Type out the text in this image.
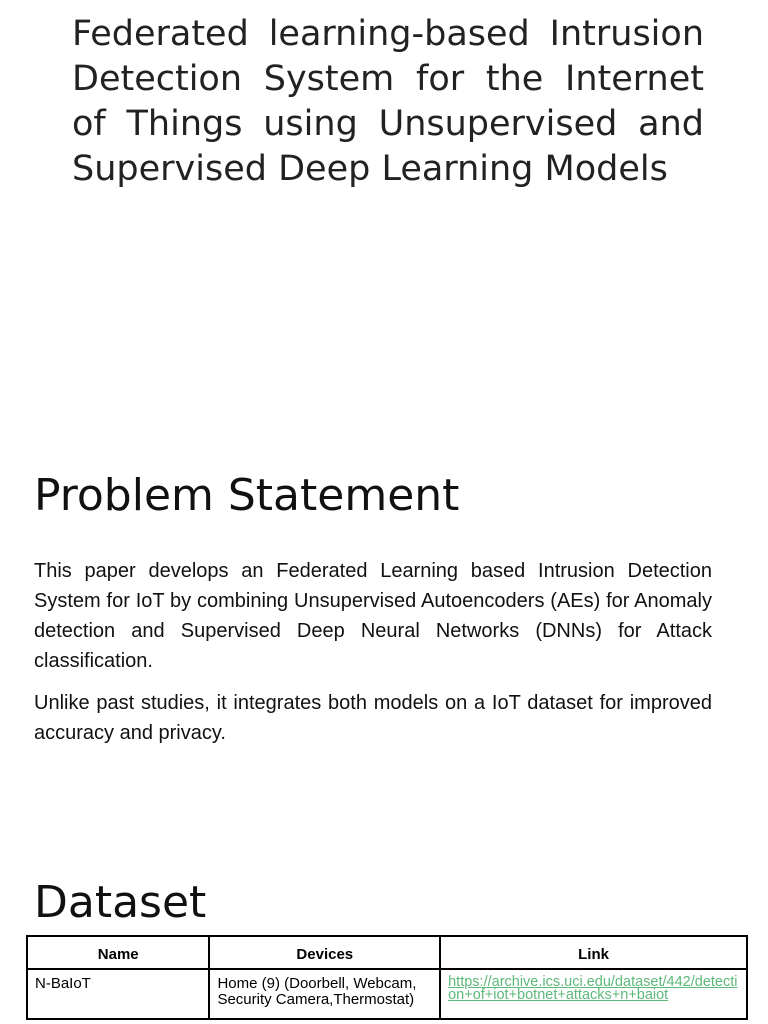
Federated learning-based Intrusion Detection System for the Internet of Things using Unsupervised and Supervised Deep Learning Models
Problem Statement

This paper develops an Federated Learning based Intrusion Detection System for IoT by combining Unsupervised Autoencoders (AEs) for Anomaly detection and Supervised Deep Neural Networks (DNNs) for Attack classification.

Unlike past studies, it integrates both models on a IoT dataset for improved accuracy and privacy.

Dataset
Name	Devices	Link
N-BaIoT	Home (9) (Doorbell, Webcam, Security Camera,Thermostat)	https://archive.ics.uci.edu/dataset/442/detection+of+iot+botnet+attacks+n+baiot
